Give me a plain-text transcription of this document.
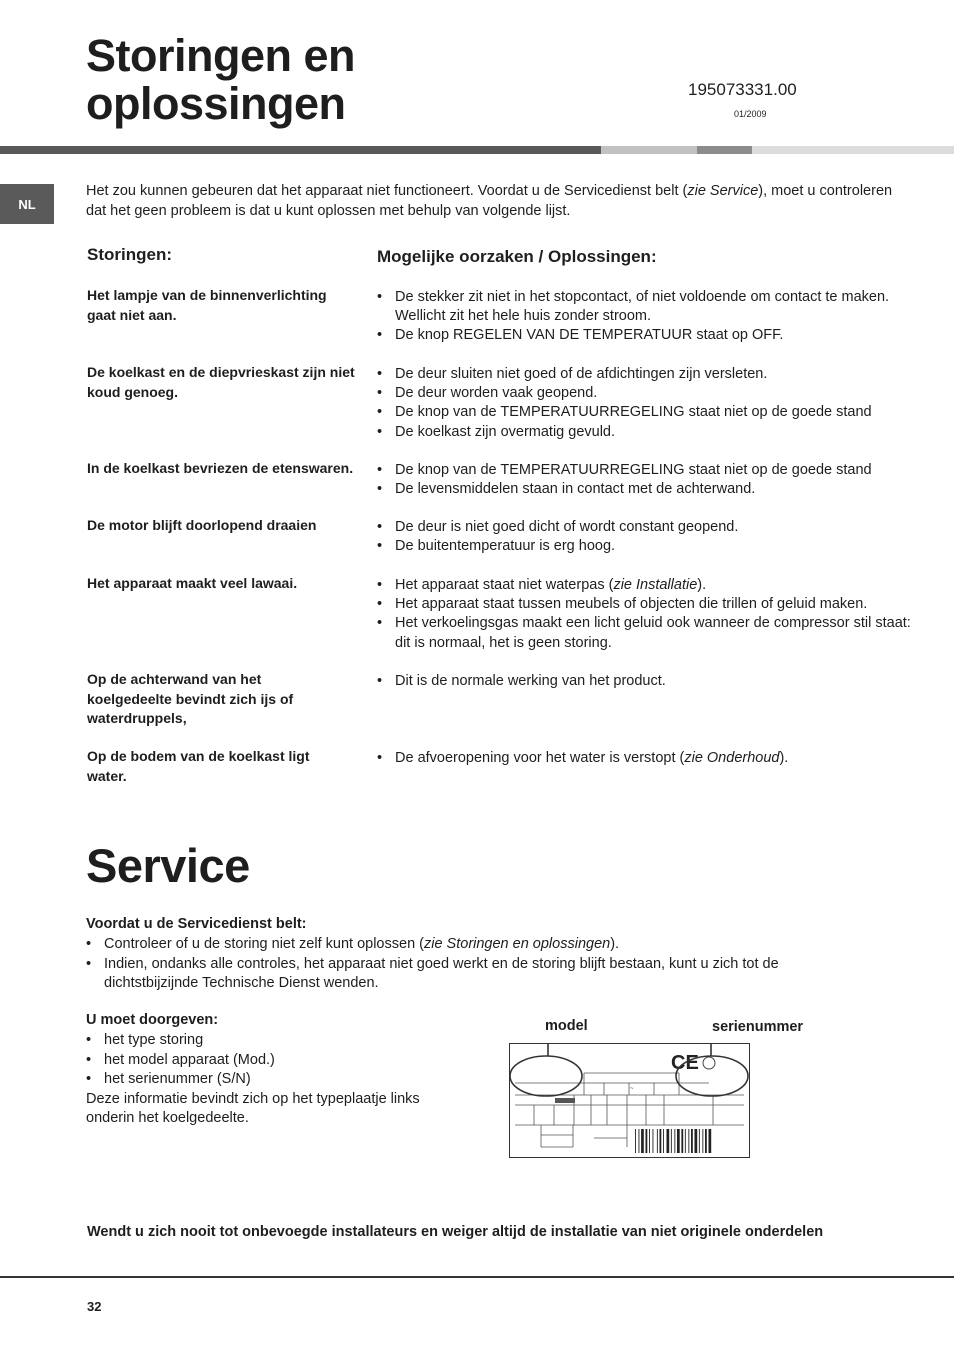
Storingen en
oplossingen	195073331.00
01/2009
NL
Het zou kunnen gebeuren dat het apparaat niet functioneert. Voordat u de Servicedienst belt (zie Service), moet u controleren dat het geen probleem is dat u kunt oplossen met behulp van volgende lijst.
Storingen:	Mogelijke oorzaken / Oplossingen:
Het lampje van de binnenverlichting gaat niet aan.
• De stekker zit niet in het stopcontact, of niet voldoende om contact te maken. Wellicht zit het hele huis zonder stroom.
• De knop REGELEN VAN DE TEMPERATUUR staat op OFF.
De koelkast en de diepvrieskast zijn niet koud genoeg.
• De deur sluiten niet goed of de afdichtingen zijn versleten.
• De deur worden vaak geopend.
• De knop van de TEMPERATUURREGELING staat niet op de goede stand
• De koelkast zijn overmatig gevuld.
In de koelkast bevriezen de etenswaren.	• De knop van de TEMPERATUURREGELING staat niet op de goede stand
• De levensmiddelen staan in contact met de achterwand.
De motor blijft doorlopend draaien	• De deur is niet goed dicht of wordt constant geopend.
• De buitentemperatuur is erg hoog.
Het apparaat maakt veel lawaai.	• Het apparaat staat niet waterpas (zie Installatie).
• Het apparaat staat tussen meubels of objecten die trillen of geluid maken.
• Het verkoelingsgas maakt een licht geluid ook wanneer de compressor stil staat: dit is normaal, het is geen storing.
Op de achterwand van het koelgedeelte bevindt zich ijs of waterdruppels,
• Dit is de normale werking van het product.
Op de bodem van de koelkast ligt water.
• De afvoeropening voor het water is verstopt (zie Onderhoud).
Service
Voordat u de Servicedienst belt:
• Controleer of u de storing niet zelf kunt oplossen (zie Storingen en oplossingen).
• Indien, ondanks alle controles, het apparaat niet goed werkt en de storing blijft bestaan, kunt u zich tot de dichtstbijzijnde Technische Dienst wenden.
U moet doorgeven:
• het type storing
• het model apparaat (Mod.)
• het serienummer (S/N)
Deze informatie bevindt zich op het typeplaatje links onderin het koelgedeelte.
model	serienummer
~
CE
Wendt u zich nooit tot onbevoegde installateurs en weiger altijd de installatie van niet originele onderdelen
32
